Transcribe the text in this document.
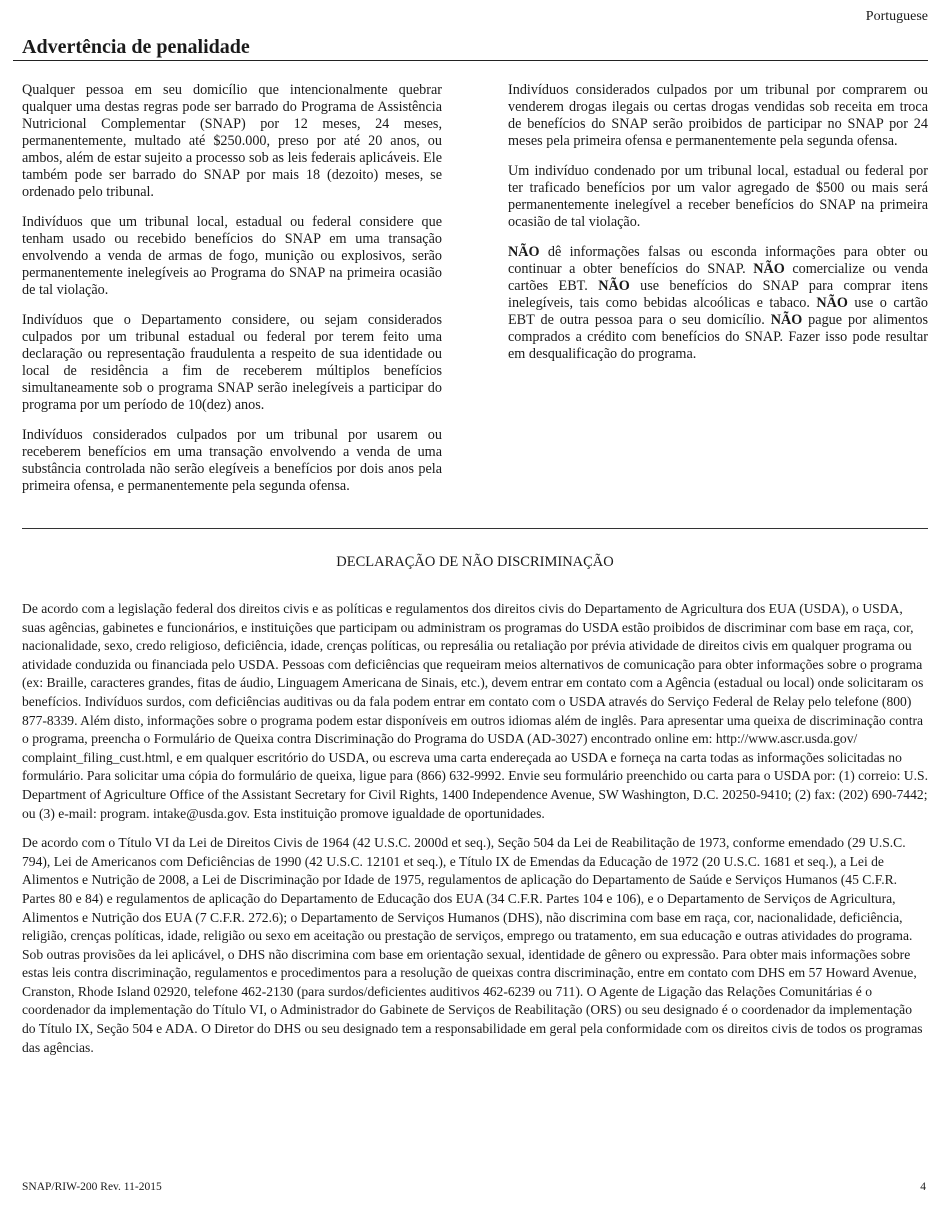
Portuguese
Advertência de penalidade

Qualquer pessoa em seu domicílio que intencionalmente quebrar qualquer uma destas regras pode ser barrado do Programa de Assistência Nutricional Complementar (SNAP) por 12 meses, 24 meses, permanentemente, multado até $250.000, preso por até 20 anos, ou ambos, além de estar sujeito a processo sob as leis federais aplicáveis. Ele também pode ser barrado do SNAP por mais 18 (dezoito) meses, se ordenado pelo tribunal.

Indivíduos que um tribunal local, estadual ou federal considere que tenham usado ou recebido benefícios do SNAP em uma transação envolvendo a venda de armas de fogo, munição ou explosivos, serão permanentemente inelegíveis ao Programa do SNAP na primeira ocasião de tal violação.

Indivíduos que o Departamento considere, ou sejam considerados culpados por um tribunal estadual ou federal por terem feito uma declaração ou representação fraudulenta a respeito de sua identidade ou local de residência a fim de receberem múltiplos benefícios simultaneamente sob o programa SNAP serão inelegíveis a participar do programa por um período de 10(dez) anos.

Indivíduos considerados culpados por um tribunal por usarem ou receberem benefícios em uma transação envolvendo a venda de uma substância controlada não serão elegíveis a benefícios por dois anos pela primeira ofensa, e permanentemente pela segunda ofensa.

Indivíduos considerados culpados por um tribunal por comprarem ou venderem drogas ilegais ou certas drogas vendidas sob receita em troca de benefícios do SNAP serão proibidos de participar no SNAP por 24 meses pela primeira ofensa e permanentemente pela segunda ofensa.

Um indivíduo condenado por um tribunal local, estadual ou federal por ter traficado benefícios por um valor agregado de $500 ou mais será permanentemente inelegível a receber benefícios do SNAP na primeira ocasião de tal violação.

NÃO dê informações falsas ou esconda informações para obter ou continuar a obter benefícios do SNAP. NÃO comercialize ou venda cartões EBT. NÃO use benefícios do SNAP para comprar itens inelegíveis, tais como bebidas alcoólicas e tabaco. NÃO use o cartão EBT de outra pessoa para o seu domicílio. NÃO pague por alimentos comprados a crédito com benefícios do SNAP. Fazer isso pode resultar em desqualificação do programa.

DECLARAÇÃO DE NÃO DISCRIMINAÇÃO

De acordo com a legislação federal dos direitos civis e as políticas e regulamentos dos direitos civis do Departamento de Agricultura dos EUA (USDA), o USDA, suas agências, gabinetes e funcionários, e instituições que participam ou administram os programas do USDA estão proibidos de discriminar com base em raça, cor, nacionalidade, sexo, credo religioso, deficiência, idade, crenças políticas, ou represália ou retaliação por prévia atividade de direitos civis em qualquer programa ou atividade conduzida ou financiada pelo USDA. Pessoas com deficiências que requeiram meios alternativos de comunicação para obter informações sobre o programa (ex: Braille, caracteres grandes, fitas de áudio, Linguagem Americana de Sinais, etc.), devem entrar em contato com a Agência (estadual ou local) onde solicitaram os benefícios. Indivíduos surdos, com deficiências auditivas ou da fala podem entrar em contato com o USDA através do Serviço Federal de Relay pelo telefone (800) 877-8339. Além disto, informações sobre o programa podem estar disponíveis em outros idiomas além de inglês. Para apresentar uma queixa de discriminação contra o programa, preencha o Formulário de Queixa contra Discriminação do Programa do USDA (AD-3027) encontrado online em: http://www.ascr.usda.gov/ complaint_filing_cust.html, e em qualquer escritório do USDA, ou escreva uma carta endereçada ao USDA e forneça na carta todas as informações solicitadas no formulário. Para solicitar uma cópia do formulário de queixa, ligue para (866) 632-9992. Envie seu formulário preenchido ou carta para o USDA por: (1) correio: U.S. Department of Agriculture Office of the Assistant Secretary for Civil Rights, 1400 Independence Avenue, SW Washington, D.C. 20250-9410; (2) fax: (202) 690-7442; ou (3) e-mail: program. intake@usda.gov. Esta instituição promove igualdade de oportunidades.

De acordo com o Título VI da Lei de Direitos Civis de 1964 (42 U.S.C. 2000d et seq.), Seção 504 da Lei de Reabilitação de 1973, conforme emendado (29 U.S.C. 794), Lei de Americanos com Deficiências de 1990 (42 U.S.C. 12101 et seq.), e Título IX de Emendas da Educação de 1972 (20 U.S.C. 1681 et seq.), a Lei de Alimentos e Nutrição de 2008, a Lei de Discriminação por Idade de 1975, regulamentos de aplicação do Departamento de Saúde e Serviços Humanos (45 C.F.R. Partes 80 e 84) e regulamentos de aplicação do Departamento de Educação dos EUA (34 C.F.R. Partes 104 e 106), e o Departamento de Serviços de Agricultura, Alimentos e Nutrição dos EUA (7 C.F.R. 272.6); o Departamento de Serviços Humanos (DHS), não discrimina com base em raça, cor, nacionalidade, deficiência, religião, crenças políticas, idade, religião ou sexo em aceitação ou prestação de serviços, emprego ou tratamento, em sua educação e outras atividades do programa. Sob outras provisões da lei aplicável, o DHS não discrimina com base em orientação sexual, identidade de gênero ou expressão. Para obter mais informações sobre estas leis contra discriminação, regulamentos e procedimentos para a resolução de queixas contra discriminação, entre em contato com DHS em 57 Howard Avenue, Cranston, Rhode Island 02920, telefone 462-2130 (para surdos/deficientes auditivos 462-6239 ou 711). O Agente de Ligação das Relações Comunitárias é o coordenador da implementação do Título VI, o Administrador do Gabinete de Serviços de Reabilitação (ORS) ou seu designado é o coordenador da implementação do Título IX, Seção 504 e ADA. O Diretor do DHS ou seu designado tem a responsabilidade em geral pela conformidade com os direitos civis de todos os programas das agências.

SNAP/RIW-200 Rev. 11-2015	4
